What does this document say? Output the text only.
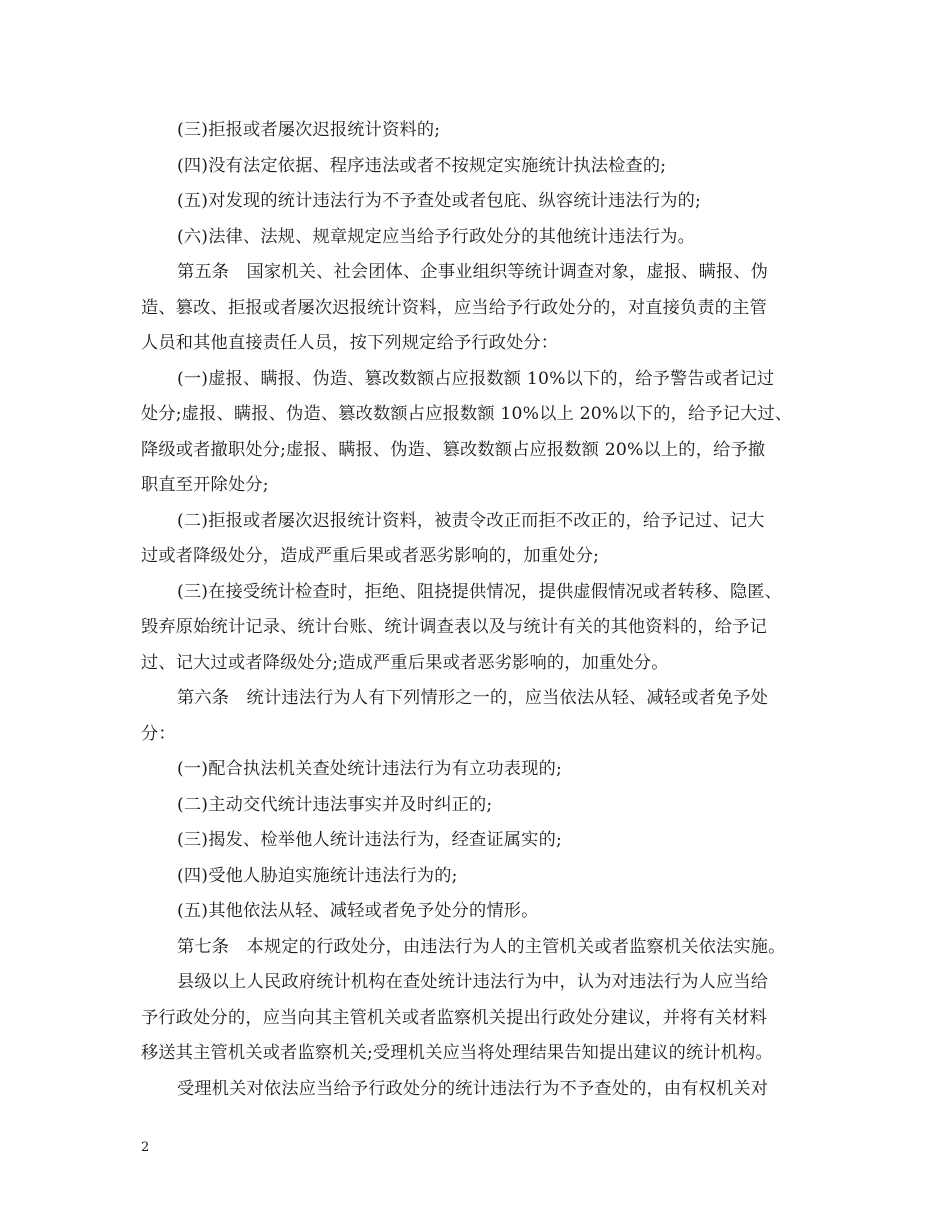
(三)拒报或者屡次迟报统计资料的;
(四)没有法定依据、程序违法或者不按规定实施统计执法检查的;
(五)对发现的统计违法行为不予查处或者包庇、纵容统计违法行为的;
(六)法律、法规、规章规定应当给予行政处分的其他统计违法行为。
第五条　国家机关、社会团体、企事业组织等统计调查对象，虚报、瞒报、伪
造、篡改、拒报或者屡次迟报统计资料，应当给予行政处分的，对直接负责的主管
人员和其他直接责任人员，按下列规定给予行政处分：
(一)虚报、瞒报、伪造、篡改数额占应报数额 10%以下的，给予警告或者记过
处分;虚报、瞒报、伪造、篡改数额占应报数额 10%以上 20%以下的，给予记大过、
降级或者撤职处分;虚报、瞒报、伪造、篡改数额占应报数额 20%以上的，给予撤
职直至开除处分;
(二)拒报或者屡次迟报统计资料，被责令改正而拒不改正的，给予记过、记大
过或者降级处分，造成严重后果或者恶劣影响的，加重处分;
(三)在接受统计检查时，拒绝、阻挠提供情况，提供虚假情况或者转移、隐匿、
毁弃原始统计记录、统计台账、统计调查表以及与统计有关的其他资料的，给予记
过、记大过或者降级处分;造成严重后果或者恶劣影响的，加重处分。
第六条　统计违法行为人有下列情形之一的，应当依法从轻、减轻或者免予处
分：
(一)配合执法机关查处统计违法行为有立功表现的;
(二)主动交代统计违法事实并及时纠正的;
(三)揭发、检举他人统计违法行为，经查证属实的;
(四)受他人胁迫实施统计违法行为的;
(五)其他依法从轻、减轻或者免予处分的情形。
第七条　本规定的行政处分，由违法行为人的主管机关或者监察机关依法实施。
县级以上人民政府统计机构在查处统计违法行为中，认为对违法行为人应当给
予行政处分的，应当向其主管机关或者监察机关提出行政处分建议，并将有关材料
移送其主管机关或者监察机关;受理机关应当将处理结果告知提出建议的统计机构。
受理机关对依法应当给予行政处分的统计违法行为不予查处的，由有权机关对
2
